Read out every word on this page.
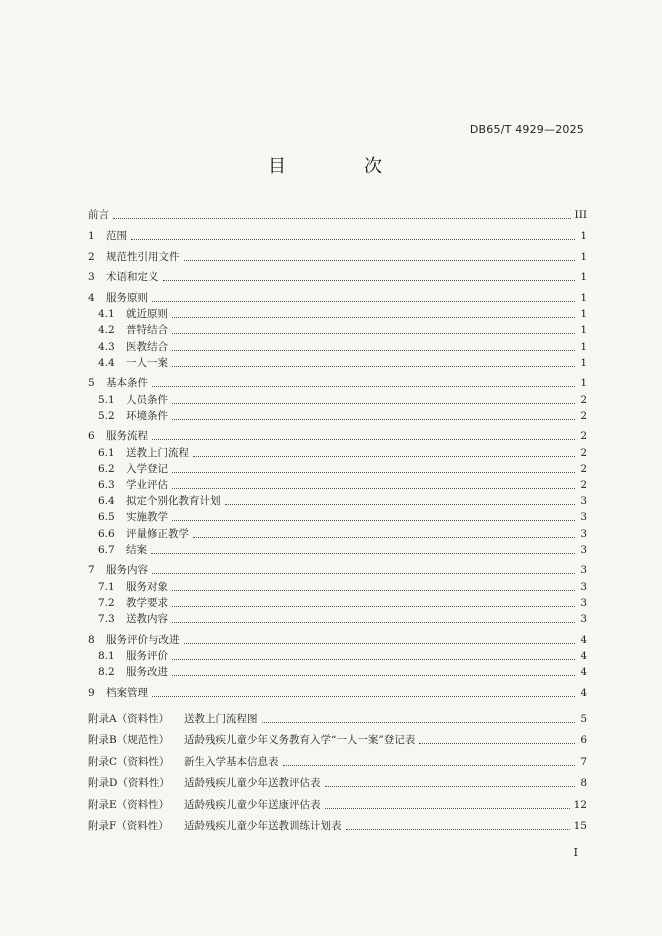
DB65/T 4929—2025
目　次
前言	III
1	范围	1
2	规范性引用文件	1
3	术语和定义	1
4	服务原则	1
4.1	就近原则	1
4.2	普特结合	1
4.3	医教结合	1
4.4	一人一案	1
5	基本条件	1
5.1	人员条件	2
5.2	环境条件	2
6	服务流程	2
6.1	送教上门流程	2
6.2	入学登记	2
6.3	学业评估	2
6.4	拟定个别化教育计划	3
6.5	实施教学	3
6.6	评量修正教学	3
6.7	结案	3
7	服务内容	3
7.1	服务对象	3
7.2	教学要求	3
7.3	送教内容	3
8	服务评价与改进	4
8.1	服务评价	4
8.2	服务改进	4
9	档案管理	4
附录A（资料性）	送教上门流程图	5
附录B（规范性）	适龄残疾儿童少年义务教育入学“一人一案”登记表	6
附录C（资料性）	新生入学基本信息表	7
附录D（资料性）	适龄残疾儿童少年送教评估表	8
附录E（资料性）	适龄残疾儿童少年送康评估表	12
附录F（资料性）	适龄残疾儿童少年送教训练计划表	15
I
